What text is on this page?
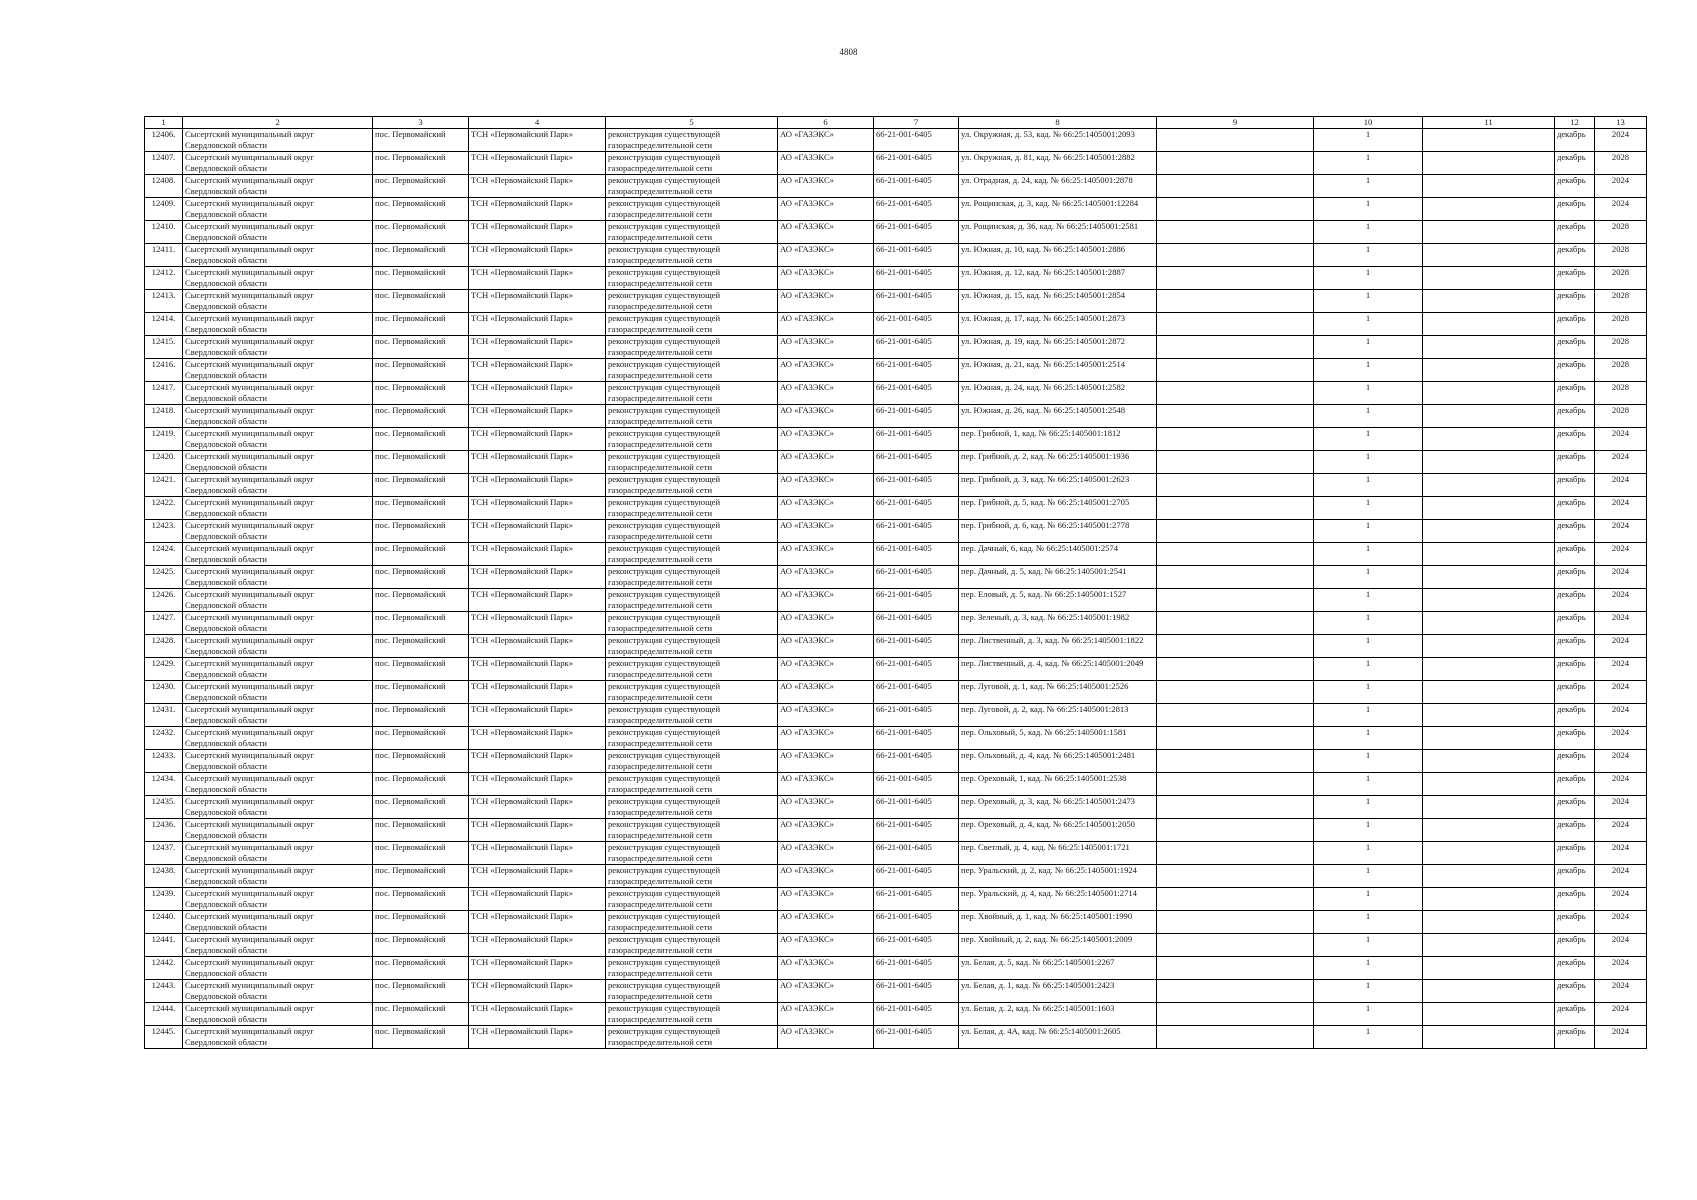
4808
1	2	3	4	5	6	7	8	9	10	11	12	13
12406.	Сысертский муниципальный округ
Свердловской области	пос. Первомайский	ТСН «Первомайский Парк»	реконструкция существующей
газораспределительной сети	АО «ГАЗЭКС»	66-21-001-6405	ул. Окружная, д. 53, кад. № 66:25:1405001:2093		1		декабрь	2024
12407.	Сысертский муниципальный округ
Свердловской области	пос. Первомайский	ТСН «Первомайский Парк»	реконструкция существующей
газораспределительной сети	АО «ГАЗЭКС»	66-21-001-6405	ул. Окружная, д. 81, кад. № 66:25:1405001:2882		1		декабрь	2028
12408.	Сысертский муниципальный округ
Свердловской области	пос. Первомайский	ТСН «Первомайский Парк»	реконструкция существующей
газораспределительной сети	АО «ГАЗЭКС»	66-21-001-6405	ул. Отрадная, д. 24, кад. № 66:25:1405001:2878		1		декабрь	2024
12409.	Сысертский муниципальный округ
Свердловской области	пос. Первомайский	ТСН «Первомайский Парк»	реконструкция существующей
газораспределительной сети	АО «ГАЗЭКС»	66-21-001-6405	ул. Рощинская, д. 3, кад. № 66:25:1405001:12284		1		декабрь	2024
12410.	Сысертский муниципальный округ
Свердловской области	пос. Первомайский	ТСН «Первомайский Парк»	реконструкция существующей
газораспределительной сети	АО «ГАЗЭКС»	66-21-001-6405	ул. Рощинская, д. 36, кад. № 66:25:1405001:2581		1		декабрь	2028
12411.	Сысертский муниципальный округ
Свердловской области	пос. Первомайский	ТСН «Первомайский Парк»	реконструкция существующей
газораспределительной сети	АО «ГАЗЭКС»	66-21-001-6405	ул. Южная, д. 10, кад. № 66:25:1405001:2886		1		декабрь	2028
12412.	Сысертский муниципальный округ
Свердловской области	пос. Первомайский	ТСН «Первомайский Парк»	реконструкция существующей
газораспределительной сети	АО «ГАЗЭКС»	66-21-001-6405	ул. Южная, д. 12, кад. № 66:25:1405001:2887		1		декабрь	2028
12413.	Сысертский муниципальный округ
Свердловской области	пос. Первомайский	ТСН «Первомайский Парк»	реконструкция существующей
газораспределительной сети	АО «ГАЗЭКС»	66-21-001-6405	ул. Южная, д. 15, кад. № 66:25:1405001:2854		1		декабрь	2028
12414.	Сысертский муниципальный округ
Свердловской области	пос. Первомайский	ТСН «Первомайский Парк»	реконструкция существующей
газораспределительной сети	АО «ГАЗЭКС»	66-21-001-6405	ул. Южная, д. 17, кад. № 66:25:1405001:2873		1		декабрь	2028
12415.	Сысертский муниципальный округ
Свердловской области	пос. Первомайский	ТСН «Первомайский Парк»	реконструкция существующей
газораспределительной сети	АО «ГАЗЭКС»	66-21-001-6405	ул. Южная, д. 19, кад. № 66:25:1405001:2872		1		декабрь	2028
12416.	Сысертский муниципальный округ
Свердловской области	пос. Первомайский	ТСН «Первомайский Парк»	реконструкция существующей
газораспределительной сети	АО «ГАЗЭКС»	66-21-001-6405	ул. Южная, д. 21, кад. № 66:25:1405001:2514		1		декабрь	2028
12417.	Сысертский муниципальный округ
Свердловской области	пос. Первомайский	ТСН «Первомайский Парк»	реконструкция существующей
газораспределительной сети	АО «ГАЗЭКС»	66-21-001-6405	ул. Южная, д. 24, кад. № 66:25:1405001:2582		1		декабрь	2028
12418.	Сысертский муниципальный округ
Свердловской области	пос. Первомайский	ТСН «Первомайский Парк»	реконструкция существующей
газораспределительной сети	АО «ГАЗЭКС»	66-21-001-6405	ул. Южная, д. 26, кад. № 66:25:1405001:2548		1		декабрь	2028
12419.	Сысертский муниципальный округ
Свердловской области	пос. Первомайский	ТСН «Первомайский Парк»	реконструкция существующей
газораспределительной сети	АО «ГАЗЭКС»	66-21-001-6405	пер. Грибной, 1, кад. № 66:25:1405001:1812		1		декабрь	2024
12420.	Сысертский муниципальный округ
Свердловской области	пос. Первомайский	ТСН «Первомайский Парк»	реконструкция существующей
газораспределительной сети	АО «ГАЗЭКС»	66-21-001-6405	пер. Грибной, д. 2, кад. № 66:25:1405001:1936		1		декабрь	2024
12421.	Сысертский муниципальный округ
Свердловской области	пос. Первомайский	ТСН «Первомайский Парк»	реконструкция существующей
газораспределительной сети	АО «ГАЗЭКС»	66-21-001-6405	пер. Грибной, д. 3, кад. № 66:25:1405001:2623		1		декабрь	2024
12422.	Сысертский муниципальный округ
Свердловской области	пос. Первомайский	ТСН «Первомайский Парк»	реконструкция существующей
газораспределительной сети	АО «ГАЗЭКС»	66-21-001-6405	пер. Грибной, д. 5, кад. № 66:25:1405001:2705		1		декабрь	2024
12423.	Сысертский муниципальный округ
Свердловской области	пос. Первомайский	ТСН «Первомайский Парк»	реконструкция существующей
газораспределительной сети	АО «ГАЗЭКС»	66-21-001-6405	пер. Грибной, д. 6, кад. № 66:25:1405001:2778		1		декабрь	2024
12424.	Сысертский муниципальный округ
Свердловской области	пос. Первомайский	ТСН «Первомайский Парк»	реконструкция существующей
газораспределительной сети	АО «ГАЗЭКС»	66-21-001-6405	пер. Дачный, 6, кад. № 66:25:1405001:2574		1		декабрь	2024
12425.	Сысертский муниципальный округ
Свердловской области	пос. Первомайский	ТСН «Первомайский Парк»	реконструкция существующей
газораспределительной сети	АО «ГАЗЭКС»	66-21-001-6405	пер. Дачный, д. 5, кад. № 66:25:1405001:2541		1		декабрь	2024
12426.	Сысертский муниципальный округ
Свердловской области	пос. Первомайский	ТСН «Первомайский Парк»	реконструкция существующей
газораспределительной сети	АО «ГАЗЭКС»	66-21-001-6405	пер. Еловый, д. 5, кад. № 66:25:1405001:1527		1		декабрь	2024
12427.	Сысертский муниципальный округ
Свердловской области	пос. Первомайский	ТСН «Первомайский Парк»	реконструкция существующей
газораспределительной сети	АО «ГАЗЭКС»	66-21-001-6405	пер. Зеленый, д. 3, кад. № 66:25:1405001:1982		1		декабрь	2024
12428.	Сысертский муниципальный округ
Свердловской области	пос. Первомайский	ТСН «Первомайский Парк»	реконструкция существующей
газораспределительной сети	АО «ГАЗЭКС»	66-21-001-6405	пер. Лиственный, д. 3, кад. № 66:25:1405001:1822		1		декабрь	2024
12429.	Сысертский муниципальный округ
Свердловской области	пос. Первомайский	ТСН «Первомайский Парк»	реконструкция существующей
газораспределительной сети	АО «ГАЗЭКС»	66-21-001-6405	пер. Лиственный, д. 4, кад. № 66:25:1405001:2049		1		декабрь	2024
12430.	Сысертский муниципальный округ
Свердловской области	пос. Первомайский	ТСН «Первомайский Парк»	реконструкция существующей
газораспределительной сети	АО «ГАЗЭКС»	66-21-001-6405	пер. Луговой, д. 1, кад. № 66:25:1405001:2526		1		декабрь	2024
12431.	Сысертский муниципальный округ
Свердловской области	пос. Первомайский	ТСН «Первомайский Парк»	реконструкция существующей
газораспределительной сети	АО «ГАЗЭКС»	66-21-001-6405	пер. Луговой, д. 2, кад. № 66:25:1405001:2813		1		декабрь	2024
12432.	Сысертский муниципальный округ
Свердловской области	пос. Первомайский	ТСН «Первомайский Парк»	реконструкция существующей
газораспределительной сети	АО «ГАЗЭКС»	66-21-001-6405	пер. Ольховый, 5, кад. № 66:25:1405001:1581		1		декабрь	2024
12433.	Сысертский муниципальный округ
Свердловской области	пос. Первомайский	ТСН «Первомайский Парк»	реконструкция существующей
газораспределительной сети	АО «ГАЗЭКС»	66-21-001-6405	пер. Ольховый, д. 4, кад. № 66:25:1405001:2481		1		декабрь	2024
12434.	Сысертский муниципальный округ
Свердловской области	пос. Первомайский	ТСН «Первомайский Парк»	реконструкция существующей
газораспределительной сети	АО «ГАЗЭКС»	66-21-001-6405	пер. Ореховый, 1, кад. № 66:25:1405001:2538		1		декабрь	2024
12435.	Сысертский муниципальный округ
Свердловской области	пос. Первомайский	ТСН «Первомайский Парк»	реконструкция существующей
газораспределительной сети	АО «ГАЗЭКС»	66-21-001-6405	пер. Ореховый, д. 3, кад. № 66:25:1405001:2473		1		декабрь	2024
12436.	Сысертский муниципальный округ
Свердловской области	пос. Первомайский	ТСН «Первомайский Парк»	реконструкция существующей
газораспределительной сети	АО «ГАЗЭКС»	66-21-001-6405	пер. Ореховый, д. 4, кад. № 66:25:1405001:2050		1		декабрь	2024
12437.	Сысертский муниципальный округ
Свердловской области	пос. Первомайский	ТСН «Первомайский Парк»	реконструкция существующей
газораспределительной сети	АО «ГАЗЭКС»	66-21-001-6405	пер. Светлый, д. 4, кад. № 66:25:1405001:1721		1		декабрь	2024
12438.	Сысертский муниципальный округ
Свердловской области	пос. Первомайский	ТСН «Первомайский Парк»	реконструкция существующей
газораспределительной сети	АО «ГАЗЭКС»	66-21-001-6405	пер. Уральский, д. 2, кад. № 66:25:1405001:1924		1		декабрь	2024
12439.	Сысертский муниципальный округ
Свердловской области	пос. Первомайский	ТСН «Первомайский Парк»	реконструкция существующей
газораспределительной сети	АО «ГАЗЭКС»	66-21-001-6405	пер. Уральский, д. 4, кад. № 66:25:1405001:2714		1		декабрь	2024
12440.	Сысертский муниципальный округ
Свердловской области	пос. Первомайский	ТСН «Первомайский Парк»	реконструкция существующей
газораспределительной сети	АО «ГАЗЭКС»	66-21-001-6405	пер. Хвойный, д. 1, кад. № 66:25:1405001:1990		1		декабрь	2024
12441.	Сысертский муниципальный округ
Свердловской области	пос. Первомайский	ТСН «Первомайский Парк»	реконструкция существующей
газораспределительной сети	АО «ГАЗЭКС»	66-21-001-6405	пер. Хвойный, д. 2, кад. № 66:25:1405001:2009		1		декабрь	2024
12442.	Сысертский муниципальный округ
Свердловской области	пос. Первомайский	ТСН «Первомайский Парк»	реконструкция существующей
газораспределительной сети	АО «ГАЗЭКС»	66-21-001-6405	ул. Белая, д. 5, кад. № 66:25:1405001:2267		1		декабрь	2024
12443.	Сысертский муниципальный округ
Свердловской области	пос. Первомайский	ТСН «Первомайский Парк»	реконструкция существующей
газораспределительной сети	АО «ГАЗЭКС»	66-21-001-6405	ул. Белая, д. 1, кад. № 66:25:1405001:2423		1		декабрь	2024
12444.	Сысертский муниципальный округ
Свердловской области	пос. Первомайский	ТСН «Первомайский Парк»	реконструкция существующей
газораспределительной сети	АО «ГАЗЭКС»	66-21-001-6405	ул. Белая, д. 2, кад. № 66:25:1405001:1603		1		декабрь	2024
12445.	Сысертский муниципальный округ
Свердловской области	пос. Первомайский	ТСН «Первомайский Парк»	реконструкция существующей
газораспределительной сети	АО «ГАЗЭКС»	66-21-001-6405	ул. Белая, д. 4А, кад. № 66:25:1405001:2605		1		декабрь	2024
